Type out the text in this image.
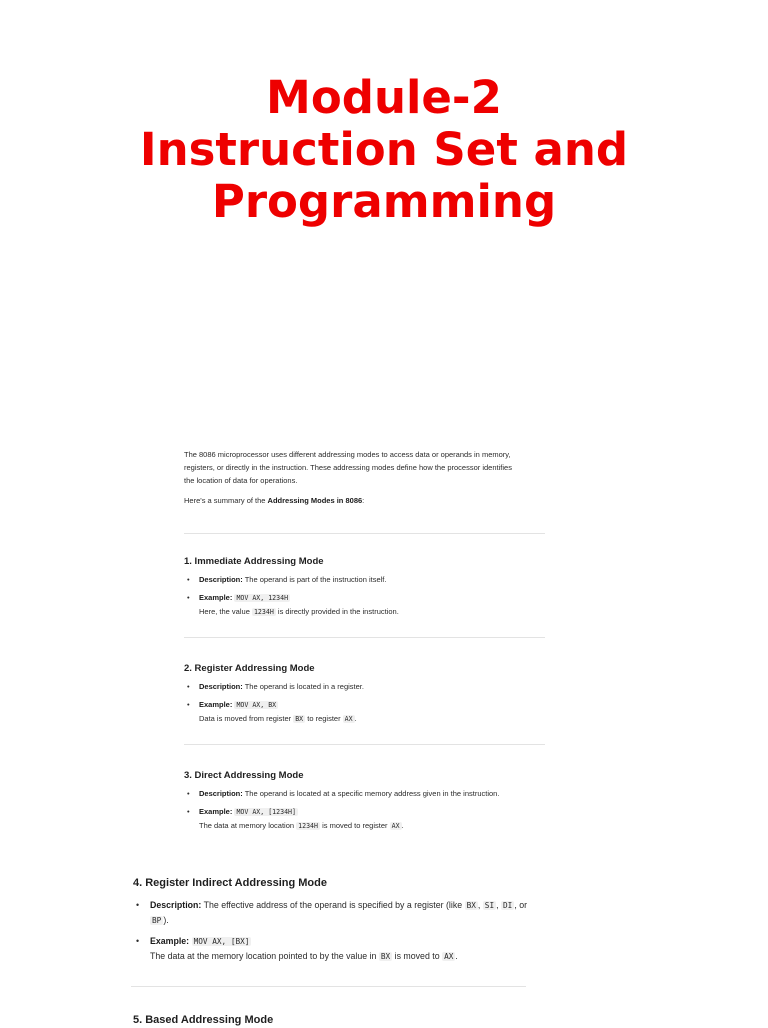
Module-2
Instruction Set and
Programming
The 8086 microprocessor uses different addressing modes to access data or operands in memory,
registers, or directly in the instruction. These addressing modes define how the processor identifies
the location of data for operations.
Here's a summary of the Addressing Modes in 8086:
1. Immediate Addressing Mode
• Description: The operand is part of the instruction itself.
• Example: MOV AX, 1234H
Here, the value 1234H is directly provided in the instruction.
2. Register Addressing Mode
• Description: The operand is located in a register.
• Example: MOV AX, BX
Data is moved from register BX to register AX .
3. Direct Addressing Mode
• Description: The operand is located at a specific memory address given in the instruction.
• Example: MOV AX, [1234H]
The data at memory location 1234H is moved to register AX .
4. Register Indirect Addressing Mode
• Description: The effective address of the operand is specified by a register (like BX , SI , DI , or
BP ).
• Example: MOV AX, [BX]
The data at the memory location pointed to by the value in BX is moved to AX .
5. Based Addressing Mode
